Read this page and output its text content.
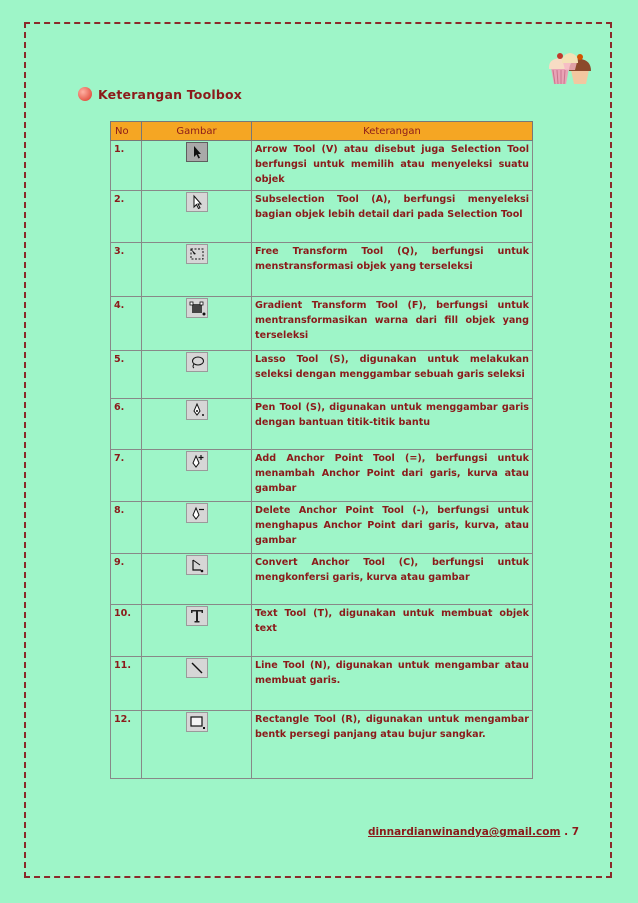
Keterangan Toolbox
No	Gambar	Keterangan
1.		Arrow Tool (V) atau disebut juga Selection Tool berfungsi untuk memilih atau menyeleksi suatu objek
2.		Subselection Tool (A), berfungsi menyeleksi bagian objek lebih detail dari pada Selection Tool
3.		Free Transform Tool (Q), berfungsi untuk menstransformasi objek yang terseleksi
4.		Gradient Transform Tool (F), berfungsi untuk mentransformasikan warna dari fill objek yang terseleksi
5.		Lasso Tool (S), digunakan untuk melakukan seleksi dengan menggambar sebuah garis seleksi
6.		Pen Tool (S), digunakan untuk menggambar garis dengan bantuan titik-titik bantu
7.		Add Anchor Point Tool (=), berfungsi untuk menambah Anchor Point dari garis, kurva atau gambar
8.		Delete Anchor Point Tool (-), berfungsi untuk menghapus Anchor Point dari garis, kurva, atau gambar
9.		Convert Anchor Tool (C), berfungsi untuk mengkonfersi garis, kurva atau gambar
10.		Text Tool (T), digunakan untuk membuat objek text
11.		Line Tool (N), digunakan untuk mengambar atau membuat garis.
12.		Rectangle Tool (R), digunakan untuk mengambar bentk persegi panjang atau bujur sangkar.
dinnardianwinandya@gmail.com . 7
